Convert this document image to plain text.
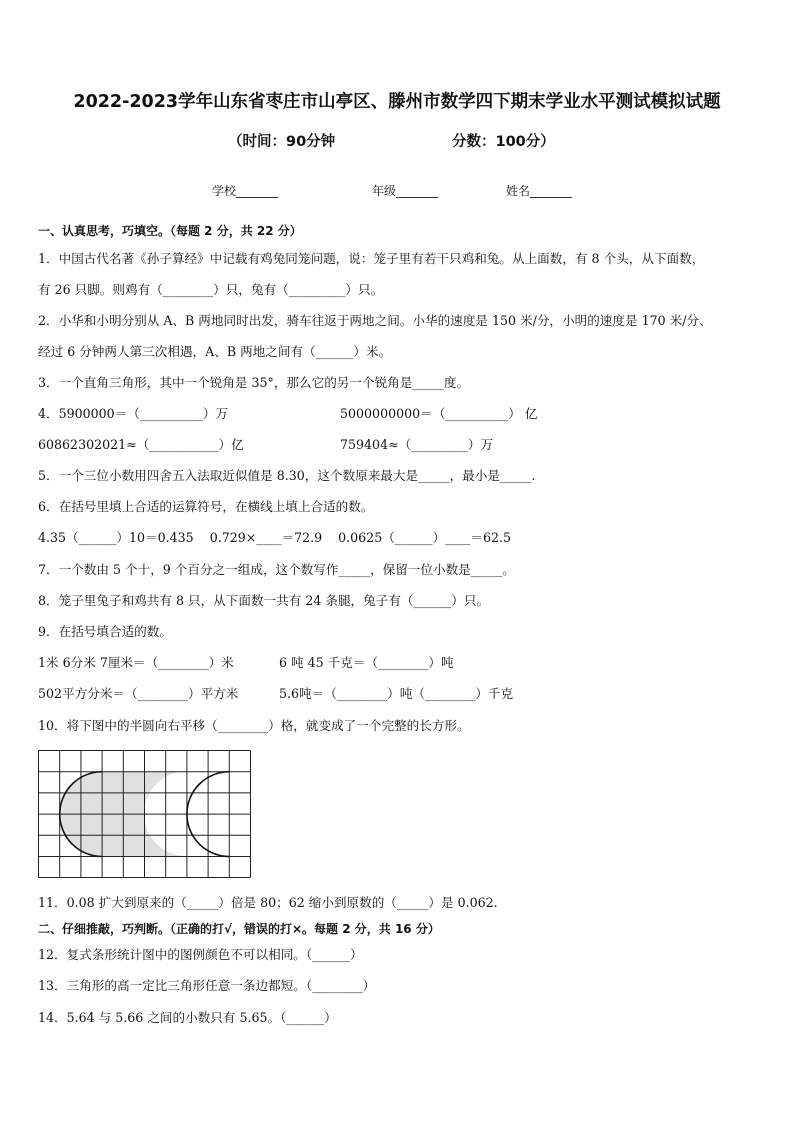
2022-2023学年山东省枣庄市山亭区、滕州市数学四下期末学业水平测试模拟试题
（时间：90分钟	分数：100分）
学校_______	年级_______	姓名_______
一、认真思考，巧填空。（每题 2 分，共 22 分）
1．中国古代名著《孙子算经》中记载有鸡兔同笼问题，说：笼子里有若干只鸡和兔。从上面数，有 8 个头，从下面数，
有 26 只脚。则鸡有（________）只，兔有（_________）只。
2．小华和小明分别从 A、B 两地同时出发，骑车往返于两地之间。小华的速度是 150 米/分，小明的速度是 170 米/分、
经过 6 分钟两人第三次相遇，A、B 两地之间有（______）米。
3．一个直角三角形，其中一个锐角是 35°，那么它的另一个锐角是_____度。
4．5900000＝（__________）万	5000000000＝（__________） 亿
60862302021≈（___________）亿	759404≈（_________）万
5．一个三位小数用四舍五入法取近似值是 8.30，这个数原来最大是_____，最小是_____.
6．在括号里填上合适的运算符号，在横线上填上合适的数。
4.35（______）10＝0.435    0.729×____＝72.9    0.0625（______）____＝62.5
7．一个数由 5 个十，9 个百分之一组成，这个数写作_____，保留一位小数是_____。
8．笼子里兔子和鸡共有 8 只，从下面数一共有 24 条腿，兔子有（______）只。
9．在括号填合适的数。
1米 6分米 7厘米＝（________）米	6 吨 45 千克＝（________）吨
502平方分米＝（________）平方米	5.6吨＝（________）吨（________）千克
10．将下图中的半圆向右平移（________）格，就变成了一个完整的长方形。
11．0.08 扩大到原来的（_____）倍是 80；62 缩小到原数的（_____）是 0.062.
二、仔细推敲，巧判断。（正确的打√，错误的打×。每题 2 分，共 16 分）
12．复式条形统计图中的图例颜色不可以相同。（______）
13．三角形的高一定比三角形任意一条边都短。（________）
14．5.64 与 5.66 之间的小数只有 5.65。（______）
